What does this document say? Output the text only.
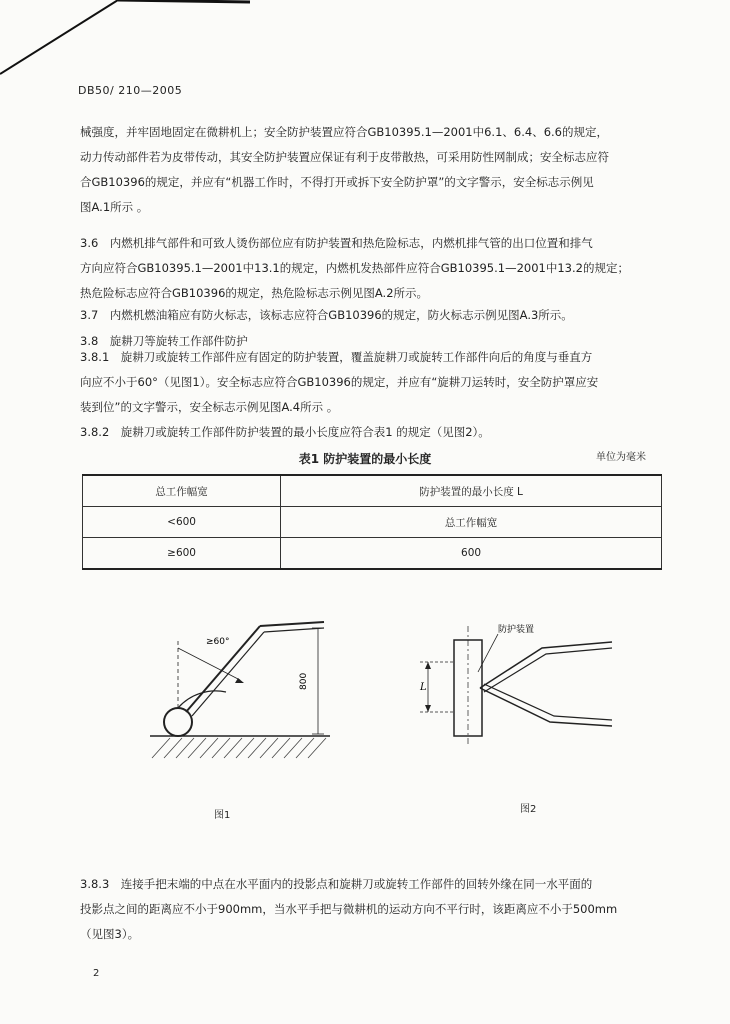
DB50/ 210—2005
械强度，并牢固地固定在微耕机上；安全防护装置应符合GB10395.1—2001中6.1、6.4、6.6的规定，
动力传动部件若为皮带传动，其安全防护装置应保证有利于皮带散热，可采用防性网制成；安全标志应符
合GB10396的规定，并应有“机器工作时，不得打开或拆下安全防护罩”的文字警示，安全标志示例见
图A.1所示 。
3.6　内燃机排气部件和可致人烫伤部位应有防护装置和热危险标志，内燃机排气管的出口位置和排气
方向应符合GB10395.1—2001中13.1的规定，内燃机发热部件应符合GB10395.1—2001中13.2的规定；
热危险标志应符合GB10396的规定，热危险标志示例见图A.2所示。
3.7　内燃机燃油箱应有防火标志，该标志应符合GB10396的规定，防火标志示例见图A.3所示。
3.8　旋耕刀等旋转工作部件防护
3.8.1　旋耕刀或旋转工作部件应有固定的防护装置，覆盖旋耕刀或旋转工作部件向后的角度与垂直方
向应不小于60°（见图1）。安全标志应符合GB10396的规定，并应有“旋耕刀运转时，安全防护罩应安
装到位”的文字警示，安全标志示例见图A.4所示 。
3.8.2　旋耕刀或旋转工作部件防护装置的最小长度应符合表1 的规定（见图2）。
表1 防护装置的最小长度	单位为毫米
总工作幅宽	防护装置的最小长度 L
<600	总工作幅宽
≥600	600
≥60°
800
图1
L
防护装置
图2
3.8.3　连接手把末端的中点在水平面内的投影点和旋耕刀或旋转工作部件的回转外缘在同一水平面的
投影点之间的距离应不小于900mm，当水平手把与微耕机的运动方向不平行时，该距离应不小于500mm
（见图3）。
2
